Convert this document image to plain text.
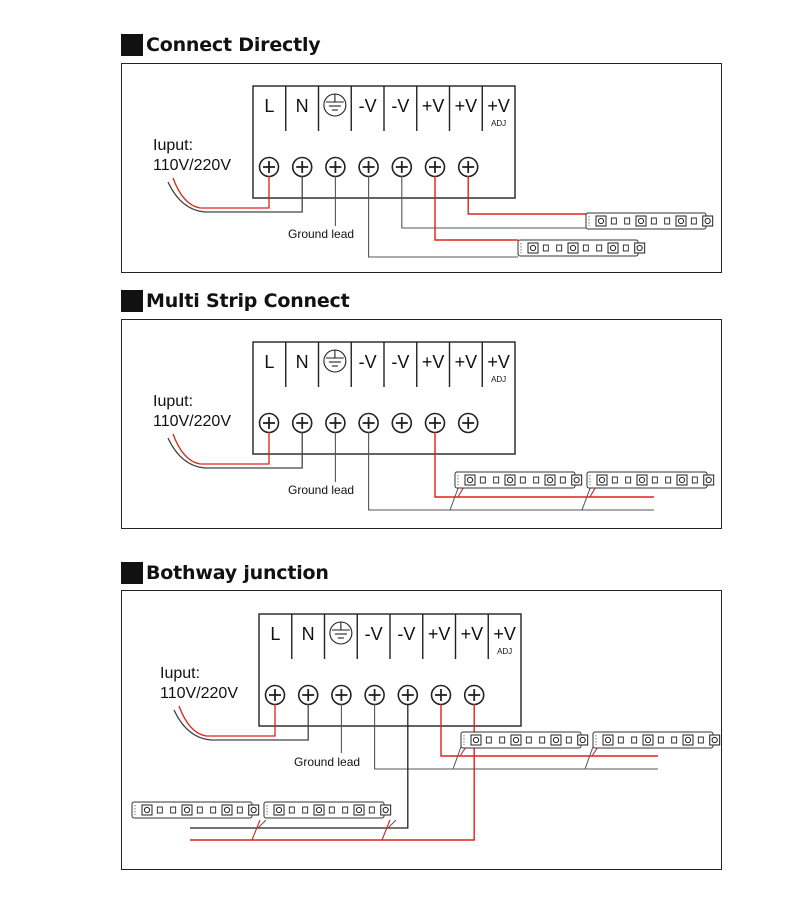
Connect Directly
Multi Strip Connect
Bothway junction
L N	-V -V +V +V +V
ADJ
Iuput:
110V/220V
Ground lead
L N	-V -V +V +V +V
ADJ
Iuput:
110V/220V
Ground lead
L N	-V -V +V +V +V
ADJ
Iuput:
110V/220V
Ground lead
